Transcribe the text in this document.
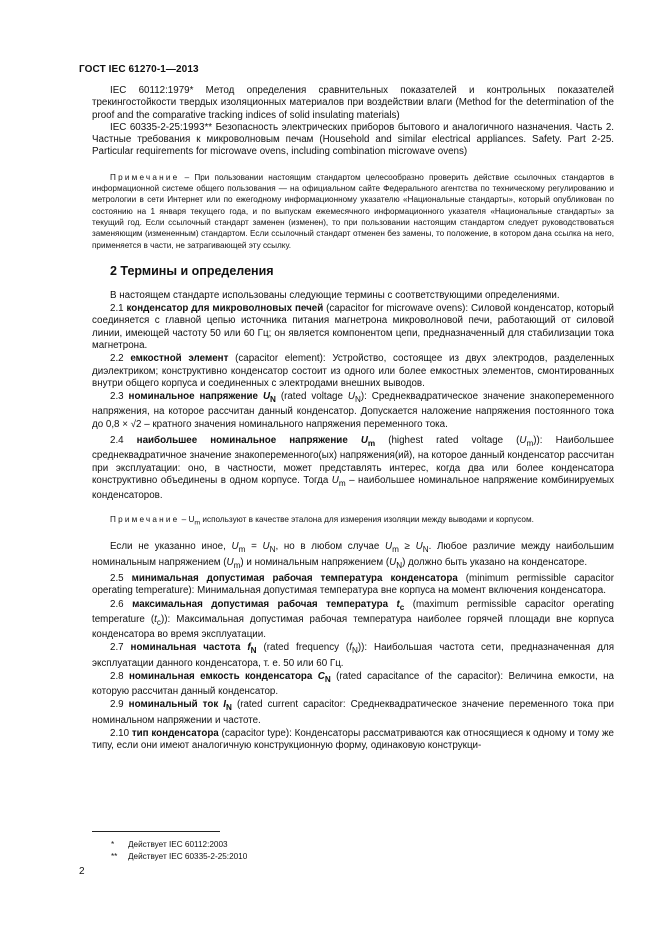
ГОСТ IEC 61270-1—2013

IEC 60112:1979* Метод определения сравнительных показателей и контрольных показателей трекингостойкости твердых изоляционных материалов при воздействии влаги (Method for the determination of the proof and the comparative tracking indices of solid insulating materials)

IEC 60335-2-25:1993** Безопасность электрических приборов бытового и аналогичного назначения. Часть 2. Частные требования к микроволновым печам (Household and similar electrical appliances. Safety. Part 2-25. Particular requirements for microwave ovens, including combination microwave ovens)

Примечание – При пользовании настоящим стандартом целесообразно проверить действие ссылочных стандартов в информационной системе общего пользования — на официальном сайте Федерального агентства по техническому регулированию и метрологии в сети Интернет или по ежегодному информационному указателю «Национальные стандарты», который опубликован по состоянию на 1 января текущего года, и по выпускам ежемесячного информационного указателя «Национальные стандарты» за текущий год. Если ссылочный стандарт заменен (изменен), то при пользовании настоящим стандартом следует руководствоваться заменяющим (измененным) стандартом. Если ссылочный стандарт отменен без замены, то положение, в котором дана ссылка на него, применяется в части, не затрагивающей эту ссылку.

2 Термины и определения

В настоящем стандарте использованы следующие термины с соответствующими определениями.

2.1 конденсатор для микроволновых печей (capacitor for microwave ovens): Силовой конденсатор, который соединяется с главной цепью источника питания магнетрона микроволновой печи, работающий от силовой линии, имеющей частоту 50 или 60 Гц; он является компонентом цепи, предназначенный для стабилизации тока магнетрона.

2.2 емкостной элемент (capacitor element): Устройство, состоящее из двух электродов, разделенных диэлектриком; конструктивно конденсатор состоит из одного или более емкостных элементов, смонтированных внутри общего корпуса и соединенных с электродами внешних выводов.

2.3 номинальное напряжение $U_N$ (rated voltage $U_N$): Среднеквадратическое значение знакопеременного напряжения, на которое рассчитан данный конденсатор. Допускается наложение напряжения постоянного тока до 0,8 × √2 – кратного значения номинального напряжения переменного тока.

2.4 наибольшее номинальное напряжение $U_m$ (highest rated voltage $(U_m)$): Наибольшее среднеквадратичное значение знакопеременного(ых) напряжения(ий), на которое данный конденсатор рассчитан при эксплуатации: оно, в частности, может представлять интерес, когда два или более конденсатора конструктивно объединены в одном корпусе. Тогда $U_m$ – наибольшее номинальное напряжение комбинируемых конденсаторов.

Примечание – $U_m$ используют в качестве эталона для измерения изоляции между выводами и корпусом.

Если не указанно иное, $U_m = U_N$, но в любом случае $U_m \ge U_N$. Любое различие между наибольшим номинальным напряжением $(U_m)$ и номинальным напряжением $(U_N)$ должно быть указано на конденсаторе.

2.5 минимальная допустимая рабочая температура конденсатора (minimum permissible capacitor operating temperature): Минимальная допустимая температура вне корпуса на момент включения конденсатора.

2.6 максимальная допустимая рабочая температура $t_c$ (maximum permissible capacitor operating temperature $(t_c)$): Максимальная допустимая рабочая температура наиболее горячей площади вне корпуса конденсатора во время эксплуатации.

2.7 номинальная частота $f_N$ (rated frequency $(f_N)$): Наибольшая частота сети, предназначенная для эксплуатации данного конденсатора, т. е. 50 или 60 Гц.

2.8 номинальная емкость конденсатора $C_N$ (rated capacitance of the capacitor): Величина емкости, на которую рассчитан данный конденсатор.

2.9 номинальный ток $I_N$ (rated current capacitor: Среднеквадратическое значение переменного тока при номинальном напряжении и частоте.

2.10 тип конденсатора (capacitor type): Конденсаторы рассматриваются как относящиеся к одному и тому же типу, если они имеют аналогичную конструкционную форму, одинаковую конструкци-

* Действует IEC 60112:2003
** Действует IEC 60335-2-25:2010
2
